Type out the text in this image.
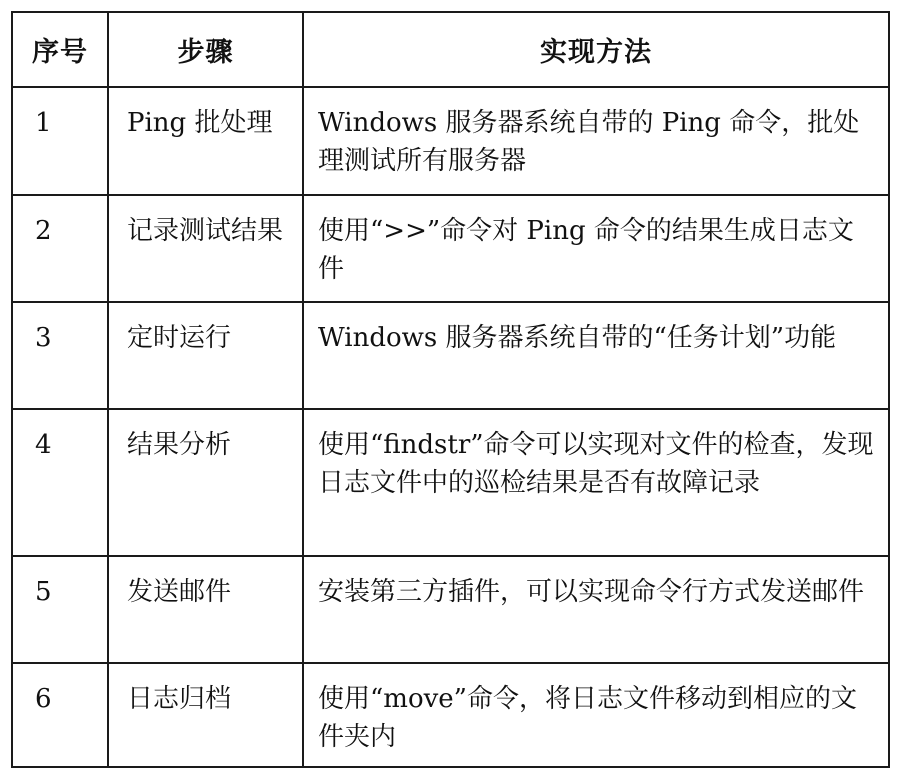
序号	步骤	实现方法
1	Ping 批处理	Windows 服务器系统自带的 Ping 命令，批处理测试所有服务器
2	记录测试结果	使用“>>”命令对 Ping 命令的结果生成日志文件
3	定时运行	Windows 服务器系统自带的“任务计划”功能
4	结果分析	使用“findstr”命令可以实现对文件的检查，发现日志文件中的巡检结果是否有故障记录
5	发送邮件	安装第三方插件，可以实现命令行方式发送邮件
6	日志归档	使用“move”命令，将日志文件移动到相应的文件夹内
